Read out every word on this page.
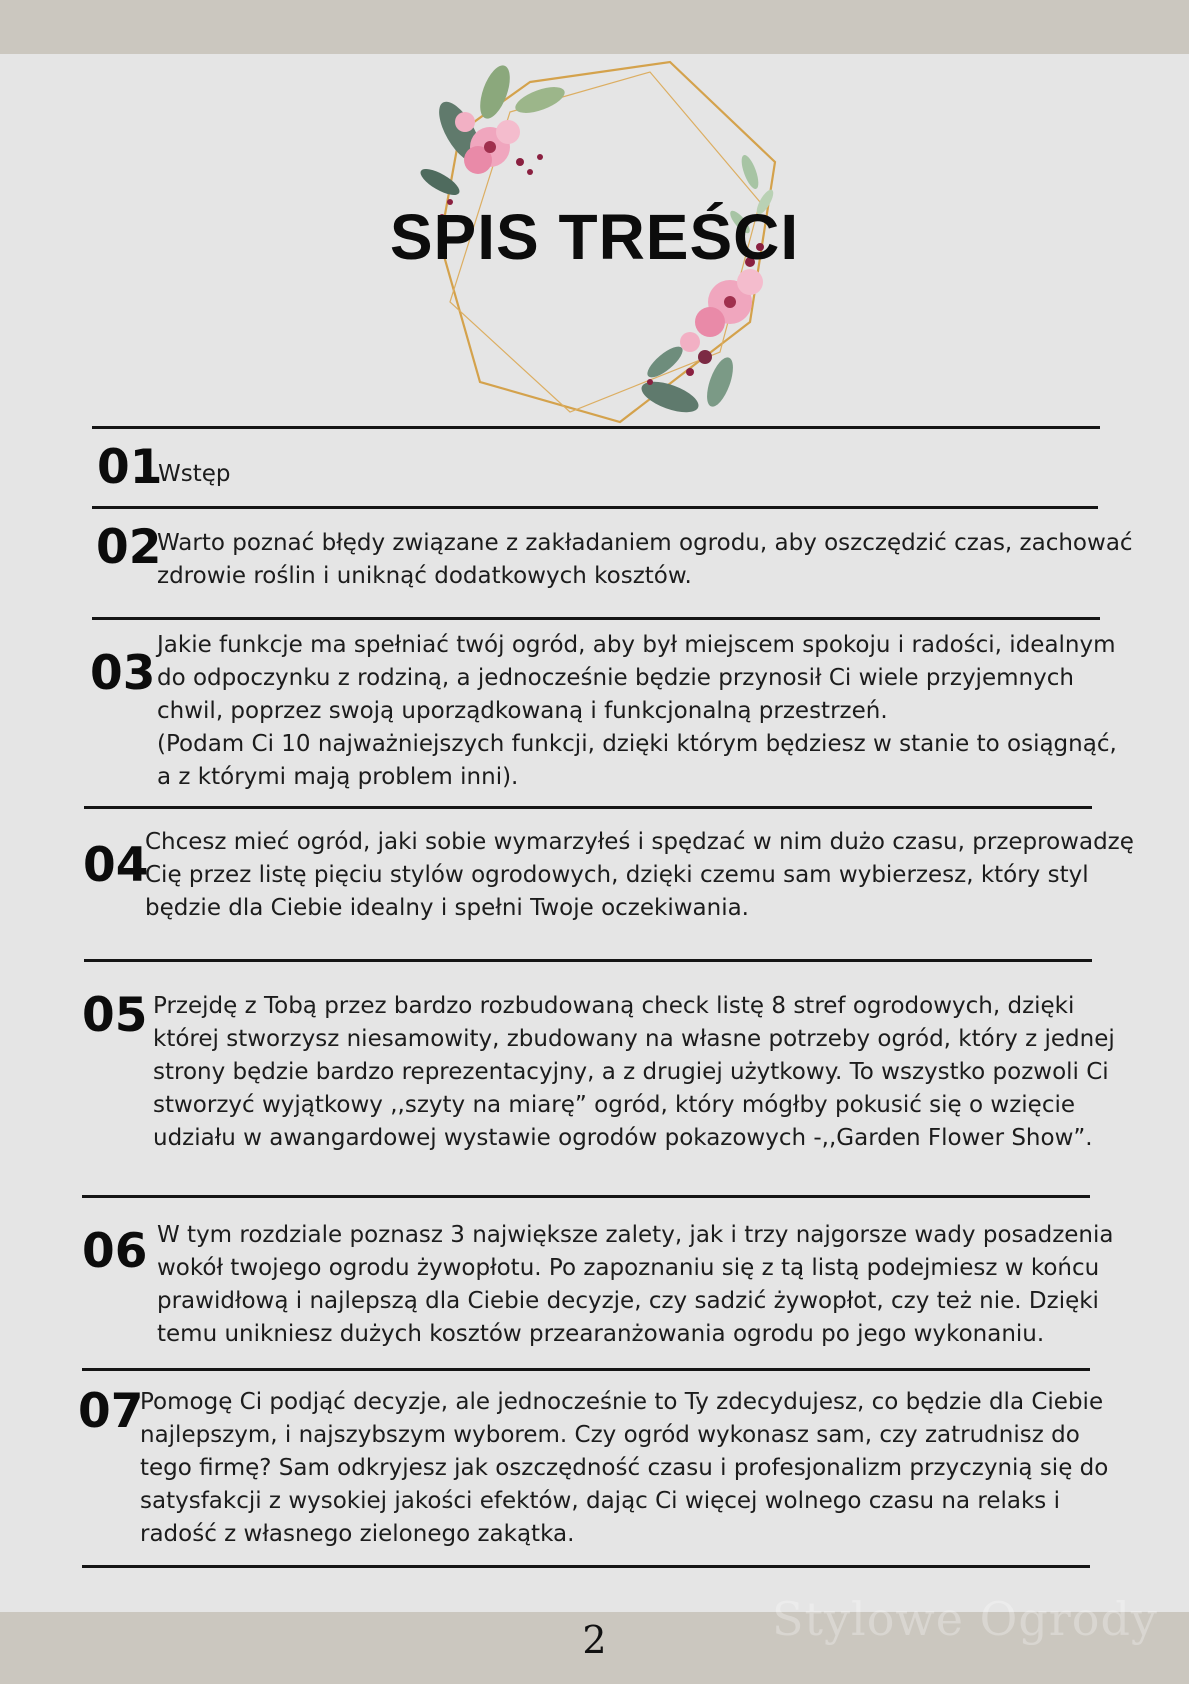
SPIS TREŚCI
01
Wstęp
02
Warto poznać błędy związane z zakładaniem ogrodu, aby oszczędzić czas, zachować
zdrowie roślin i uniknąć dodatkowych kosztów.
03
Jakie funkcje ma spełniać twój ogród, aby był miejscem spokoju i radości, idealnym
do odpoczynku z rodziną, a jednocześnie będzie przynosił Ci wiele przyjemnych
chwil, poprzez swoją uporządkowaną i funkcjonalną przestrzeń.
(Podam Ci 10 najważniejszych funkcji, dzięki którym będziesz w stanie to osiągnąć,
a z którymi mają problem inni).
04
Chcesz mieć ogród, jaki sobie wymarzyłeś i spędzać w nim dużo czasu, przeprowadzę
Cię przez listę pięciu stylów ogrodowych, dzięki czemu sam wybierzesz, który styl
będzie dla Ciebie idealny i spełni Twoje oczekiwania.
05 Przejdę z Tobą przez bardzo rozbudowaną check listę 8 stref ogrodowych, dzięki
której stworzysz niesamowity, zbudowany na własne potrzeby ogród, który z jednej
strony będzie bardzo reprezentacyjny, a z drugiej użytkowy. To wszystko pozwoli Ci
stworzyć wyjątkowy ,,szyty na miarę” ogród, który mógłby pokusić się o wzięcie
udziału w awangardowej wystawie ogrodów pokazowych -,,Garden Flower Show”.
06 W tym rozdziale poznasz 3 największe zalety, jak i trzy najgorsze wady posadzenia
wokół twojego ogrodu żywopłotu. Po zapoznaniu się z tą listą podejmiesz w końcu
prawidłową i najlepszą dla Ciebie decyzje, czy sadzić żywopłot, czy też nie. Dzięki
temu unikniesz dużych kosztów przearanżowania ogrodu po jego wykonaniu.
07
Pomogę Ci podjąć decyzje, ale jednocześnie to Ty zdecydujesz, co będzie dla Ciebie
najlepszym, i najszybszym wyborem. Czy ogród wykonasz sam, czy zatrudnisz do
tego firmę? Sam odkryjesz jak oszczędność czasu i profesjonalizm przyczynią się do
satysfakcji z wysokiej jakości efektów, dając Ci więcej wolnego czasu na relaks i
radość z własnego zielonego zakątka.
Stylowe Ogrody
2
